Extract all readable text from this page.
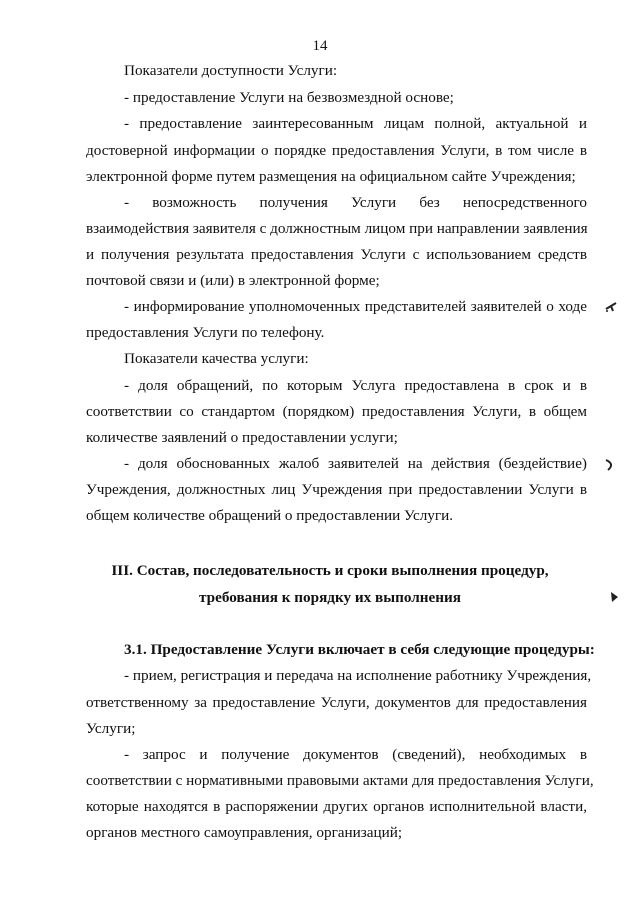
14

Показатели доступности Услуги:

- предоставление Услуги на безвозмездной основе;

- предоставление заинтересованным лицам полной, актуальной и

достоверной информации о порядке предоставления Услуги, в том числе в

электронной форме путем размещения на официальном сайте Учреждения;

- возможность получения Услуги без непосредственного

взаимодействия заявителя с должностным лицом при направлении заявления

и получения результата предоставления Услуги с использованием средств

почтовой связи и (или) в электронной форме;

- информирование уполномоченных представителей заявителей о ходе

предоставления Услуги по телефону.

Показатели качества услуги:

- доля обращений, по которым Услуга предоставлена в срок и в

соответствии со стандартом (порядком) предоставления Услуги, в общем

количестве заявлений о предоставлении услуги;

- доля обоснованных жалоб заявителей на действия (бездействие)

Учреждения, должностных лиц Учреждения при предоставлении Услуги в

общем количестве обращений о предоставлении Услуги.

III. Состав, последовательность и сроки выполнения процедур,

требования к порядку их выполнения

3.1. Предоставление Услуги включает в себя следующие процедуры:

- прием, регистрация и передача на исполнение работнику Учреждения,

ответственному за предоставление Услуги, документов для предоставления

Услуги;

- запрос и получение документов (сведений), необходимых в

соответствии с нормативными правовыми актами для предоставления Услуги,

которые находятся в распоряжении других органов исполнительной власти,

органов местного самоуправления, организаций;
